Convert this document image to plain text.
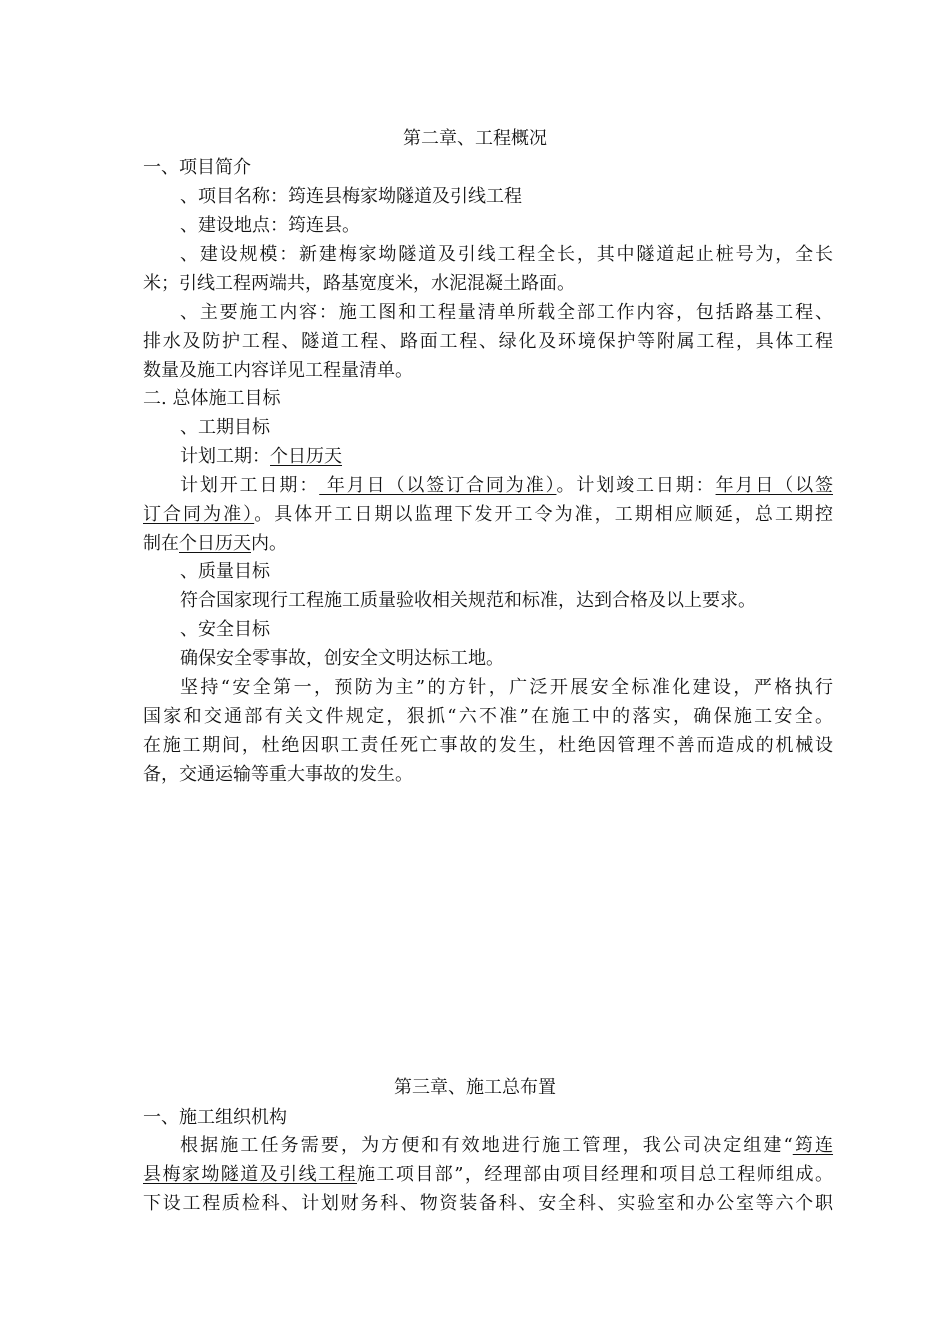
第二章、工程概况
一、项目简介
、项目名称：筠连县梅家坳隧道及引线工程
、建设地点：筠连县。
、建设规模：新建梅家坳隧道及引线工程全长，其中隧道起止桩号为，全长
米；引线工程两端共，路基宽度米，水泥混凝土路面。
、主要施工内容：施工图和工程量清单所载全部工作内容，包括路基工程、
排水及防护工程、隧道工程、路面工程、绿化及环境保护等附属工程，具体工程
数量及施工内容详见工程量清单。
二. 总体施工目标
、工期目标
计划工期：个日历天
计划开工日期： 年月日（以签订合同为准）。计划竣工日期：年月日（以签
订合同为准）。具体开工日期以监理下发开工令为准，工期相应顺延，总工期控
制在个日历天内。
、质量目标
符合国家现行工程施工质量验收相关规范和标准，达到合格及以上要求。
、安全目标
确保安全零事故，创安全文明达标工地。
坚持“安全第一，预防为主”的方针，广泛开展安全标准化建设，严格执行
国家和交通部有关文件规定，狠抓“六不准”在施工中的落实，确保施工安全。
在施工期间，杜绝因职工责任死亡事故的发生，杜绝因管理不善而造成的机械设
备，交通运输等重大事故的发生。
第三章、施工总布置
一、施工组织机构
根据施工任务需要，为方便和有效地进行施工管理，我公司决定组建“筠连
县梅家坳隧道及引线工程施工项目部”，经理部由项目经理和项目总工程师组成。
下设工程质检科、计划财务科、物资装备科、安全科、实验室和办公室等六个职
